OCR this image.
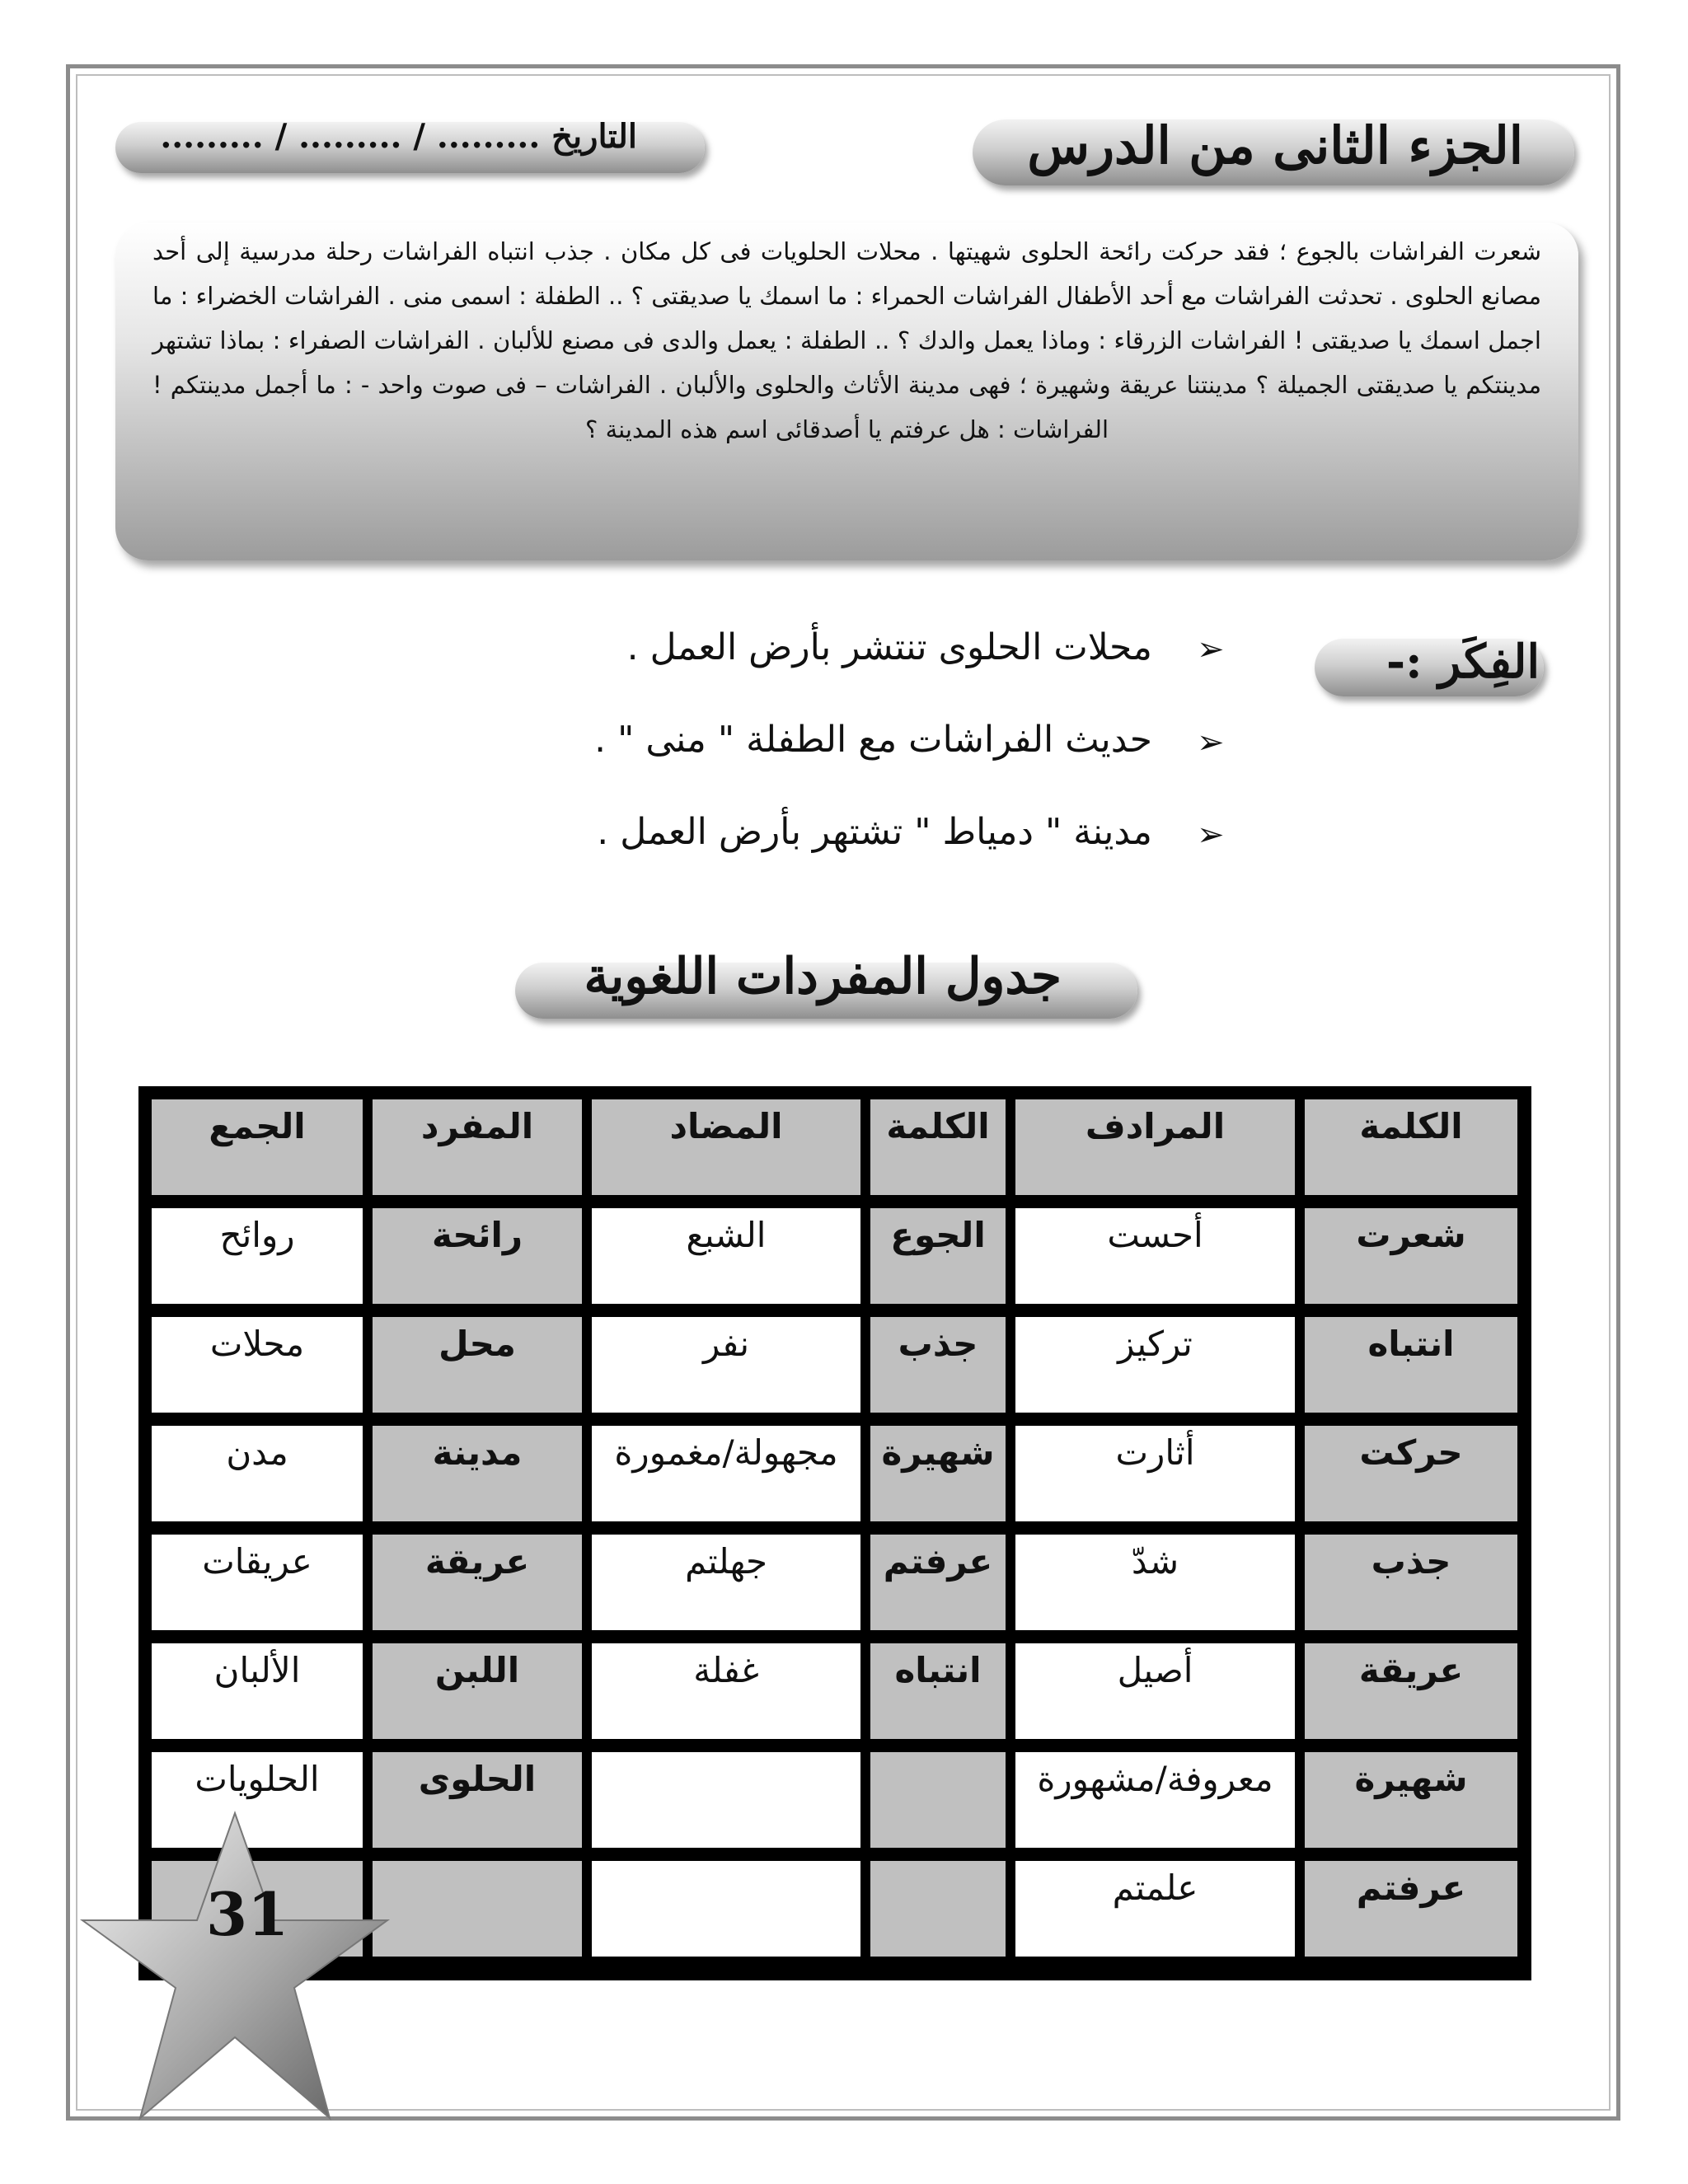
الجزء الثانى من الدرس
التاريخ ......... / ......... / .........
شعرت الفراشات بالجوع ؛ فقد حركت رائحة الحلوى شهيتها . محلات الحلويات فى كل مكان . جذب انتباه الفراشات رحلة مدرسية إلى أحد مصانع الحلوى . تحدثت الفراشات مع أحد الأطفال الفراشات الحمراء : ما اسمك يا صديقتى ؟ .. الطفلة : اسمى منى . الفراشات الخضراء : ما اجمل اسمك يا صديقتى ! الفراشات الزرقاء : وماذا يعمل والدك ؟ .. الطفلة : يعمل والدى فى مصنع للألبان . الفراشات الصفراء : بماذا تشتهر مدينتكم يا صديقتى الجميلة ؟ مدينتنا عريقة وشهيرة ؛ فهى مدينة الأثاث والحلوى والألبان . الفراشات – فى صوت واحد - : ما أجمل مدينتكم ! الفراشات : هل عرفتم يا أصدقائى اسم هذه المدينة ؟
الفِكَر :-
➢
محلات الحلوى تنتشر بأرض العمل .
➢
حديث الفراشات مع الطفلة " منى " .
➢
مدينة " دمياط " تشتهر بأرض العمل .
جدول المفردات اللغوية
الكلمة
المرادف
الكلمة
المضاد
المفرد
الجمع
شعرت
أحست
الجوع
الشبع
رائحة
روائح
انتباه
تركيز
جذب
نفر
محل
محلات
حركت
أثارت
شهيرة
مجهولة/مغمورة
مدينة
مدن
جذب
شدّ
عرفتم
جهلتم
عريقة
عريقات
عريقة
أصيل
انتباه
غفلة
اللبن
الألبان
شهيرة
معروفة/مشهورة
الحلوى
الحلويات
عرفتم
علمتم
31
